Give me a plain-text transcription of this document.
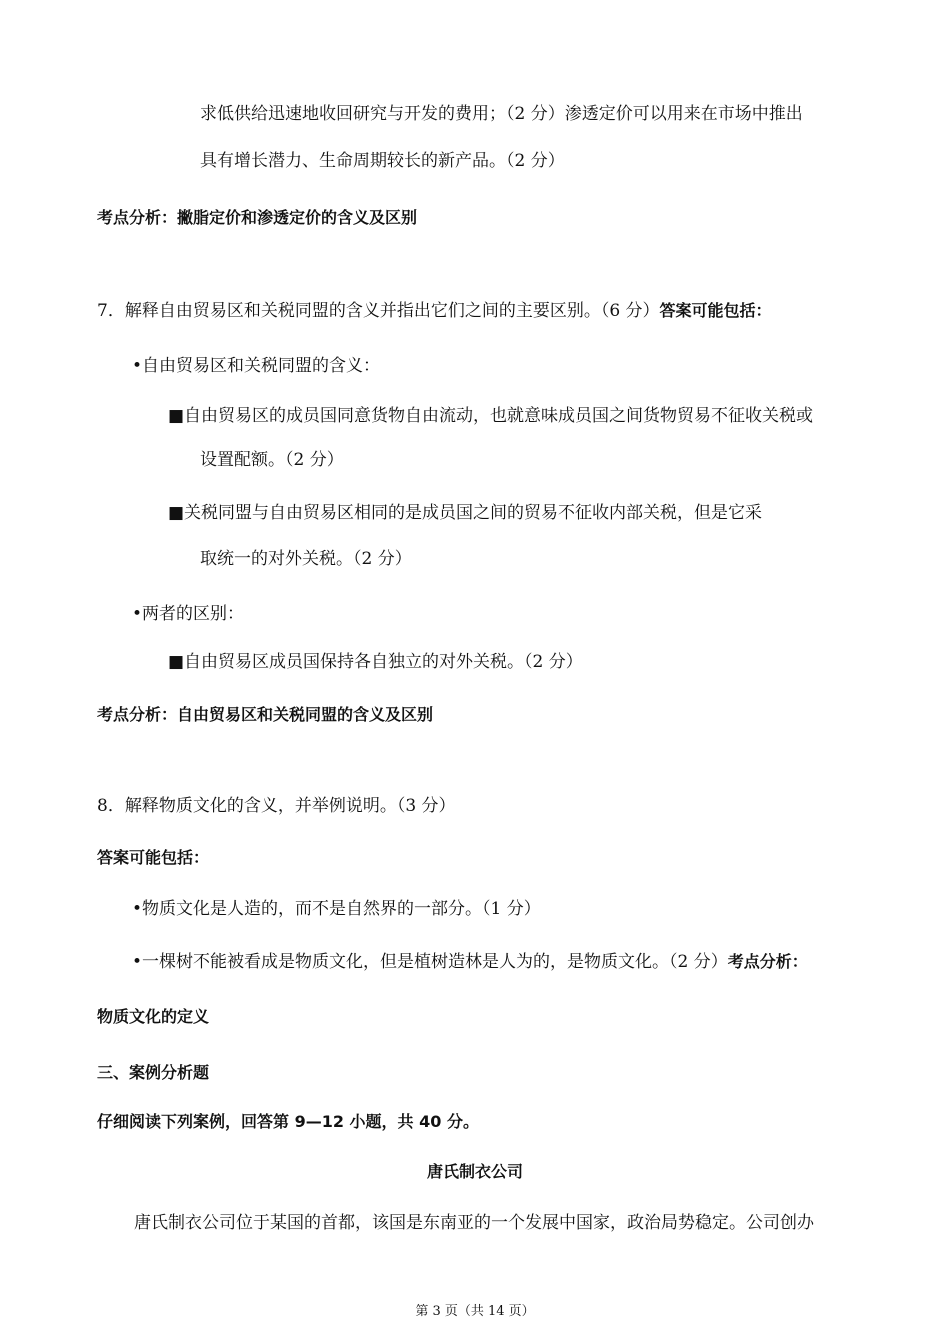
求低供给迅速地收回研究与开发的费用；（2 分）渗透定价可以用来在市场中推出
具有增长潜力、生命周期较长的新产品。（2 分）
考点分析：撇脂定价和渗透定价的含义及区别
7．解释自由贸易区和关税同盟的含义并指出它们之间的主要区别。（6 分）答案可能包括：
•自由贸易区和关税同盟的含义：
■自由贸易区的成员国同意货物自由流动，也就意味成员国之间货物贸易不征收关税或
设置配额。（2 分）
■关税同盟与自由贸易区相同的是成员国之间的贸易不征收内部关税，但是它采
取统一的对外关税。（2 分）
•两者的区别：
■自由贸易区成员国保持各自独立的对外关税。（2 分）
考点分析：自由贸易区和关税同盟的含义及区别
8．解释物质文化的含义，并举例说明。（3 分）
答案可能包括：
•物质文化是人造的，而不是自然界的一部分。（1 分）
•一棵树不能被看成是物质文化，但是植树造林是人为的，是物质文化。（2 分）考点分析：
物质文化的定义
三、案例分析题
仔细阅读下列案例，回答第 9—12 小题，共 40 分。
唐氏制衣公司
唐氏制衣公司位于某国的首都，该国是东南亚的一个发展中国家，政治局势稳定。公司创办
第 3 页（共 14 页）
